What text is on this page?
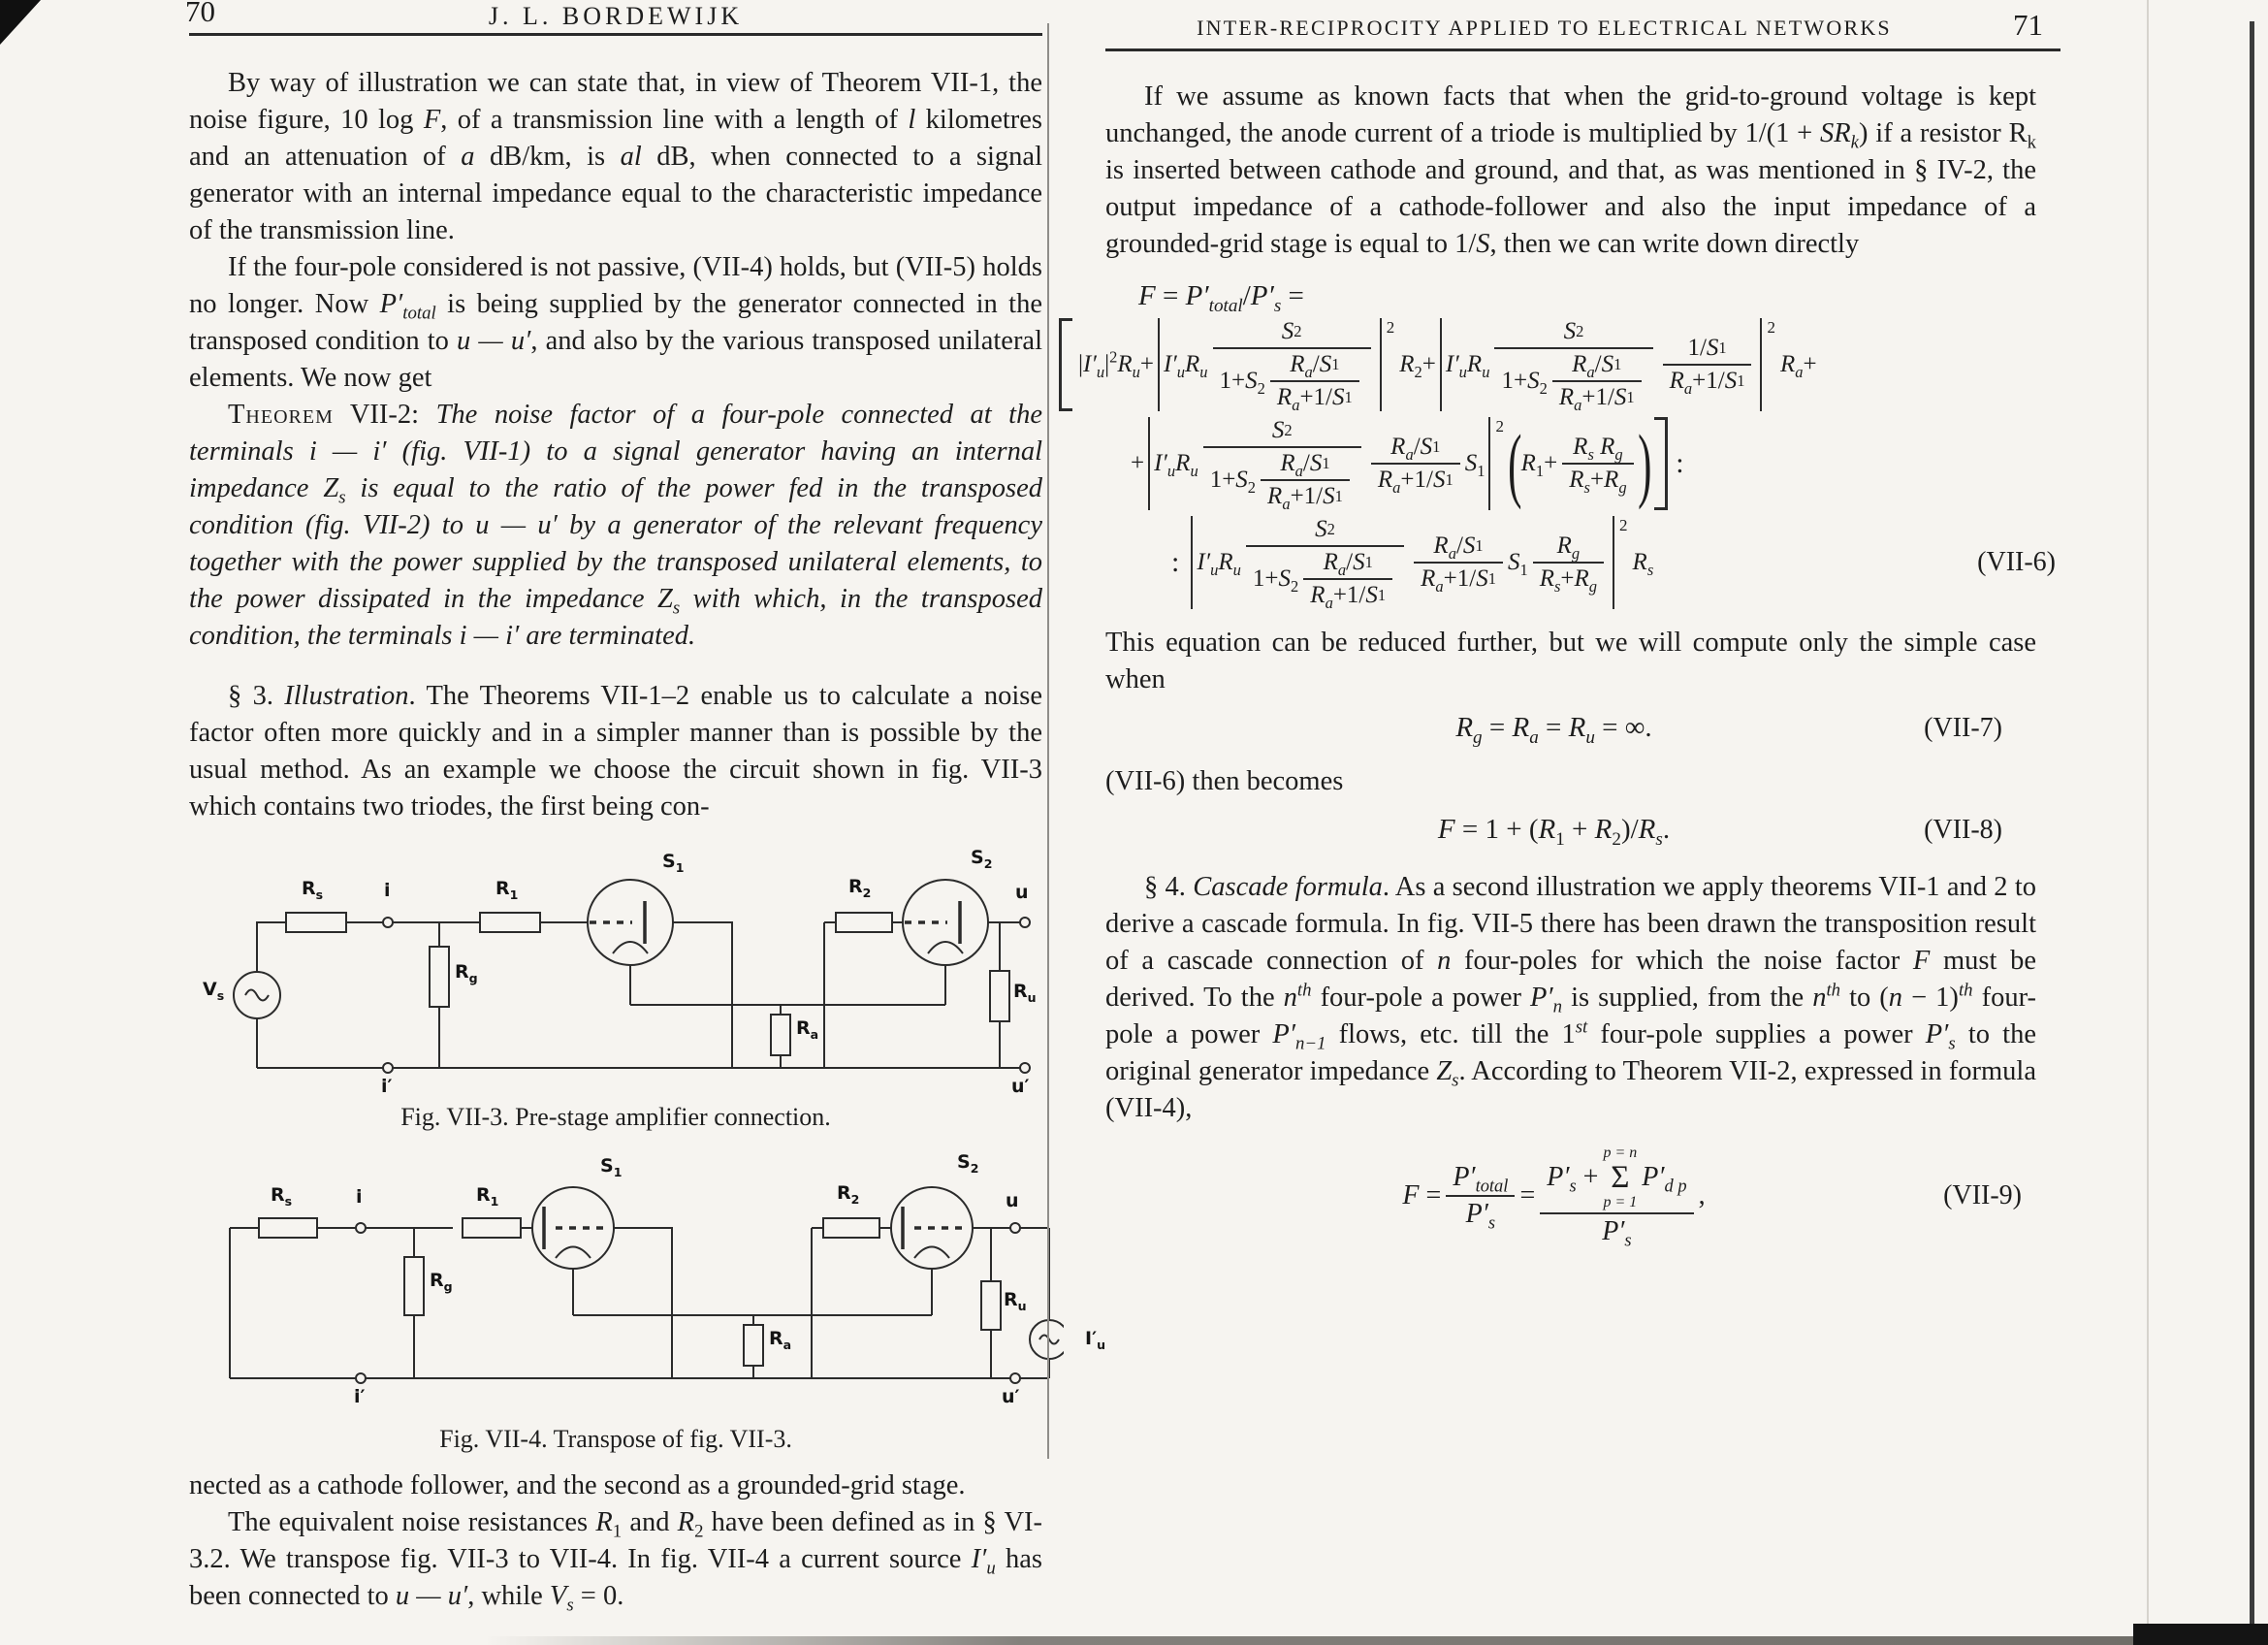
70	J. L. BORDEWIJK

By way of illustration we can state that, in view of Theorem VII-1, the noise figure, 10 log F, of a transmission line with a length of l kilometres and an attenuation of a dB/km, is al dB, when connected to a signal generator with an internal impedance equal to the characteristic impedance of the transmission line.

If the four-pole considered is not passive, (VII-4) holds, but (VII-5) holds no longer. Now $P'_{total}$ is being supplied by the generator connected in the transposed condition to u — u′, and also by the various transposed unilateral elements. We now get

Theorem VII-2: The noise factor of a four-pole connected at the terminals i — i′ (fig. VII-1) to a signal generator having an internal impedance $Z_s$ is equal to the ratio of the power fed in the transposed condition (fig. VII-2) to u — u′ by a generator of the relevant frequency together with the power supplied by the transposed unilateral elements, to the power dissipated in the impedance $Z_s$ with which, in the transposed condition, the terminals i — i′ are terminated.

§ 3. Illustration. The Theorems VII-1–2 enable us to calculate a noise factor often more quickly and in a simpler manner than is possible by the usual method. As an example we choose the circuit shown in fig. VII-3 which contains two triodes, the first being con-

$V_s$
$R_s$	i
$R_g$
$R_1$
$S_1$
$R_a$
$R_2$
$S_2$
u
$R_u$
i′	u′

Fig. VII-3. Pre-stage amplifier connection.

$R_s$	i
$R_g$
$R_1$
$S_1$
$R_a$
$R_2$
$S_2$
u
$R_u$
$I'_u$
i′	u′

Fig. VII-4. Transpose of fig. VII-3.

nected as a cathode follower, and the second as a grounded-grid stage.

The equivalent noise resistances $R_1$ and $R_2$ have been defined as in § VI-3.2. We transpose fig. VII-3 to VII-4. In fig. VII-4 a current source $I'_u$ has been connected to u — u′, while $V_s = 0$.

INTER-RECIPROCITY APPLIED TO ELECTRICAL NETWORKS	71

If we assume as known facts that when the grid-to-ground voltage is kept unchanged, the anode current of a triode is multiplied by $1/(1 + SR_k)$ if a resistor $R_k$ is inserted between cathode and ground, and that, as was mentioned in § IV-2, the output impedance of a cathode-follower and also the input impedance of a grounded-grid stage is equal to 1/S, then we can write down directly

$F = P'_{total}/P'_s$ =
$|I'_u|^2R_u+ I'_uR_u$
S 2
$1+S_2 \frac{R_a / S 1}{R_a +1/ S 1}$
2
$R_2+ I'_uR_u$
S 2
$1+S_2 \frac{R_a / S 1}{R_a +1/ S 1} \frac{1/ S 1}{R_a +1/ S 1}$
2
$R_a+$
+ $I'_uR_u$
S 2
$1+S_2 \frac{R_a / S 1}{R_a +1/ S 1} \frac{R_a / S 1}{R_a +1/ S 1} S_1$
2 ( $R_1+ \frac{R_s R_g}{R_s + R_g}$ ) :
: $I'_uR_u$
S 2
$1+S_2 \frac{R_a / S 1}{R_a +1/ S 1} \frac{R_a / S 1}{R_a +1/ S 1} S_1 \frac{R_g}{R_s + R_g}$
2
$R_s$	(VII-6)

This equation can be reduced further, but we will compute only the simple case when

$R_g = R_a = R_u$ = ∞.	(VII-7)

(VII-6) then becomes

$F = 1 + (R_1 + R_2)/R_s$.	(VII-8)

§ 4. Cascade formula. As a second illustration we apply theorems VII-1 and 2 to derive a cascade formula. In fig. VII-5 there has been drawn the transposition result of a cascade connection of n four-poles for which the noise factor F must be derived. To the $n^{th}$ four-pole a power $P'_n$ is supplied, from the $n^{th}$ to $(n - 1)^{th}$ four-pole a power $P'_{n-1}$ flows, etc. till the 1st four-pole supplies a power $P'_s$ to the original generator impedance $Z_s$. According to Theorem VII-2, expressed in formula (VII-4),

$F = \frac{P'_{total}}{P'_s}$ =
$P'_s$ +
p = n
Σ
p = 1
$P'_{d p}$
$P'_s$
,	(VII-9)
